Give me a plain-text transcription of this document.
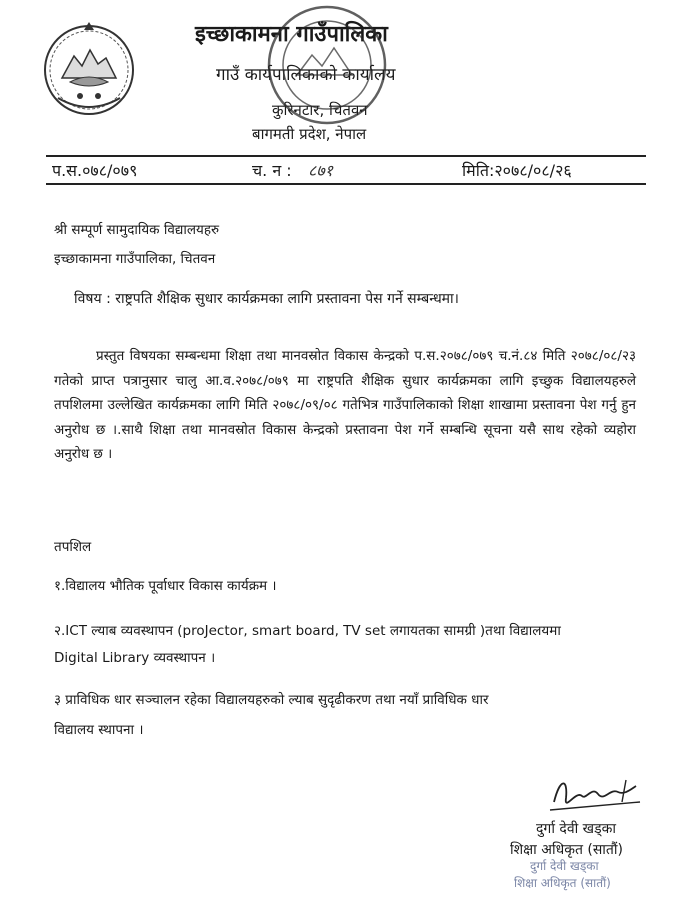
इच्छाकामना गाउँपालिका
गाउँ कार्यपालिकाको कार्यालय
कुरिनटार, चितवन
बागमती प्रदेश, नेपाल
प.स.०७८/०७९	च. न : ८७१	मिति:२०७८/०८/२६
श्री सम्पूर्ण सामुदायिक विद्यालयहरु
इच्छाकामना गाउँपालिका, चितवन
विषय : राष्ट्रपति शैक्षिक सुधार कार्यक्रमका लागि प्रस्तावना पेस गर्ने सम्बन्धमा।
प्रस्तुत विषयका सम्बन्धमा शिक्षा तथा मानवस्रोत विकास केन्द्रको प.स.२०७८/०७९ च.नं.८४ मिति २०७८/०८/२३ गतेको प्राप्त पत्रानुसार चालु आ.व.२०७८/०७९ मा राष्ट्रपति शैक्षिक सुधार कार्यक्रमका लागि इच्छुक विद्यालयहरुले तपशिलमा उल्लेखित कार्यक्रमका लागि मिति २०७८/०९/०८ गतेभित्र गाउँपालिकाको शिक्षा शाखामा प्रस्तावना पेश गर्नु हुन अनुरोध छ ।.साथै शिक्षा तथा मानवस्रोत विकास केन्द्रको प्रस्तावना पेश गर्ने सम्बन्धि सूचना यसै साथ रहेको व्यहोरा अनुरोध छ ।
तपशिल
१.विद्यालय भौतिक पूर्वाधार विकास कार्यक्रम ।
२.ICT ल्याब व्यवस्थापन (proJector, smart board, TV set लगायतका सामग्री )तथा विद्यालयमा
Digital Library व्यवस्थापन ।
३ प्राविधिक धार सञ्चालन रहेका विद्यालयहरुको ल्याब सुदृढीकरण तथा नयाँ प्राविधिक धार
विद्यालय स्थापना ।
दुर्गा देवी खड्का
शिक्षा अधिकृत (सातौं)
दुर्गा देवी खड्का
शिक्षा अधिकृत (सातौं)
